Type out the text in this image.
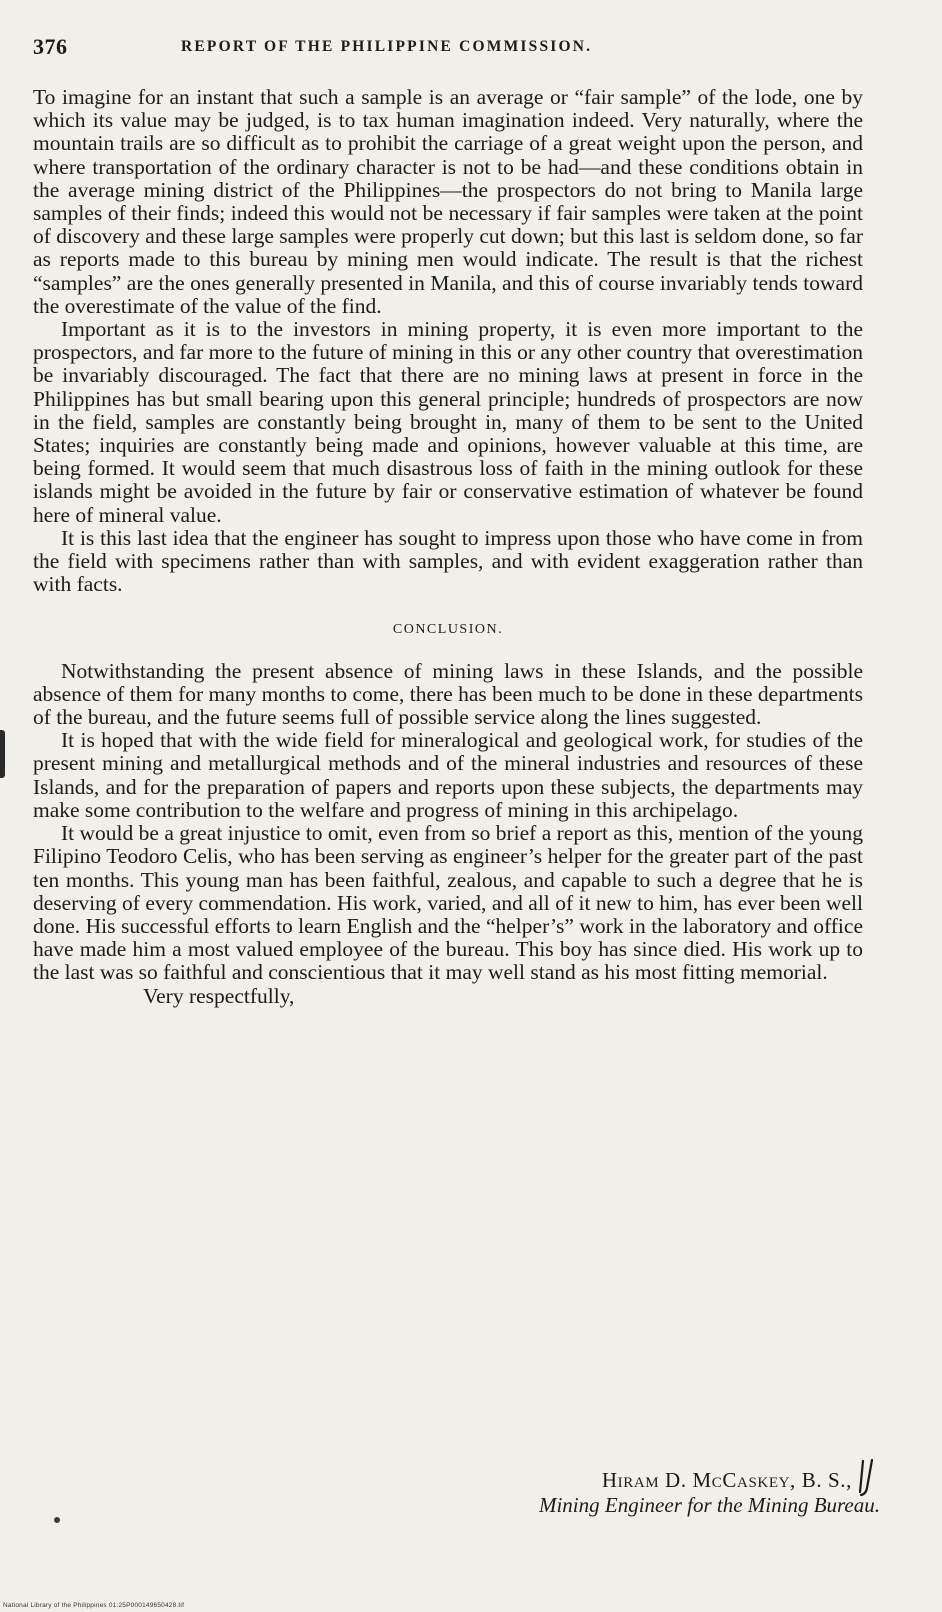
376	REPORT OF THE PHILIPPINE COMMISSION.

To imagine for an instant that such a sample is an average or “fair sample” of the lode, one by which its value may be judged, is to tax human imagination indeed. Very naturally, where the mountain trails are so difficult as to prohibit the carriage of a great weight upon the person, and where transportation of the ordinary character is not to be had—and these conditions obtain in the average mining district of the Philippines—the prospectors do not bring to Manila large samples of their finds; indeed this would not be necessary if fair samples were taken at the point of discovery and these large samples were properly cut down; but this last is seldom done, so far as reports made to this bureau by mining men would indicate. The result is that the richest “samples” are the ones generally presented in Manila, and this of course invariably tends toward the overestimate of the value of the find.

Important as it is to the investors in mining property, it is even more important to the prospectors, and far more to the future of mining in this or any other country that overestimation be invariably discouraged. The fact that there are no mining laws at present in force in the Philippines has but small bearing upon this general principle; hundreds of prospectors are now in the field, samples are constantly being brought in, many of them to be sent to the United States; inquiries are constantly being made and opinions, however valuable at this time, are being formed. It would seem that much disastrous loss of faith in the mining outlook for these islands might be avoided in the future by fair or conservative estimation of whatever be found here of mineral value.

It is this last idea that the engineer has sought to impress upon those who have come in from the field with specimens rather than with samples, and with evident exaggeration rather than with facts.

CONCLUSION.

Notwithstanding the present absence of mining laws in these Islands, and the possible absence of them for many months to come, there has been much to be done in these departments of the bureau, and the future seems full of possible service along the lines suggested.

It is hoped that with the wide field for mineralogical and geological work, for studies of the present mining and metallurgical methods and of the mineral industries and resources of these Islands, and for the preparation of papers and reports upon these subjects, the departments may make some contribution to the welfare and progress of mining in this archipelago.

It would be a great injustice to omit, even from so brief a report as this, mention of the young Filipino Teodoro Celis, who has been serving as engineer’s helper for the greater part of the past ten months. This young man has been faithful, zealous, and capable to such a degree that he is deserving of every commendation. His work, varied, and all of it new to him, has ever been well done. His successful efforts to learn English and the “helper’s” work in the laboratory and office have made him a most valued employee of the bureau. This boy has since died. His work up to the last was so faithful and conscientious that it may well stand as his most fitting memorial.

Very respectfully,

Hiram D. McCaskey, B. S.,
Mining Engineer for the Mining Bureau.
National Library of the Philippines 01:25P000149650428.tif
